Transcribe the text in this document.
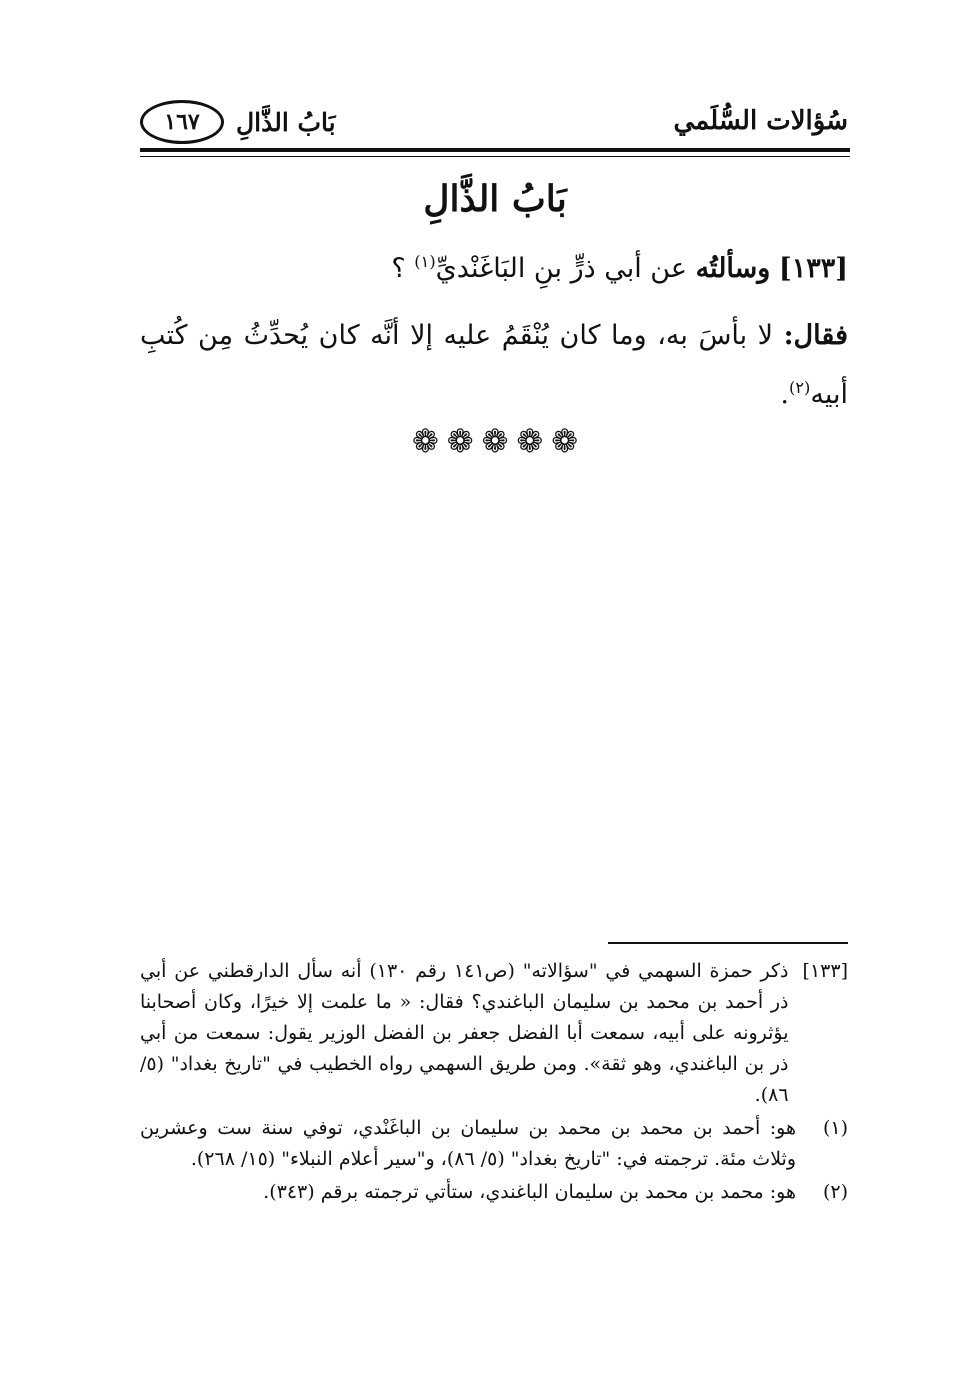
سُؤالات السُّلَمي
١٦٧ بَابُ الذَّالِ
بَابُ الذَّالِ
[١٣٣] وسألتُه عن أبي ذرٍّ بنِ البَاغَنْديِّ$^{(١)}$ ؟
فقال: لا بأسَ به، وما كان يُنْقَمُ عليه إلا أنَّه كان يُحدِّثُ مِن كُتبِ أبيه$^{(٢)}$.
❁ ❁ ❁ ❁ ❁
[١٣٣]
ذكر حمزة السهمي في "سؤالاته" (ص١٤١ رقم ١٣٠) أنه سأل الدارقطني عن أبي ذر أحمد بن محمد بن سليمان الباغندي؟ فقال: « ما علمت إلا خيرًا، وكان أصحابنا يؤثرونه على أبيه، سمعت أبا الفضل جعفر بن الفضل الوزير يقول: سمعت من أبي ذر بن الباغندي، وهو ثقة». ومن طريق السهمي رواه الخطيب في "تاريخ بغداد" (٥/ ٨٦).
(١)
هو: أحمد بن محمد بن محمد بن سليمان بن الباغَنْدي، توفي سنة ست وعشرين وثلاث مئة. ترجمته في: "تاريخ بغداد" (٥/ ٨٦)، و"سير أعلام النبلاء" (١٥/ ٢٦٨).
(٢)
هو: محمد بن محمد بن سليمان الباغندي، ستأتي ترجمته برقم (٣٤٣).
